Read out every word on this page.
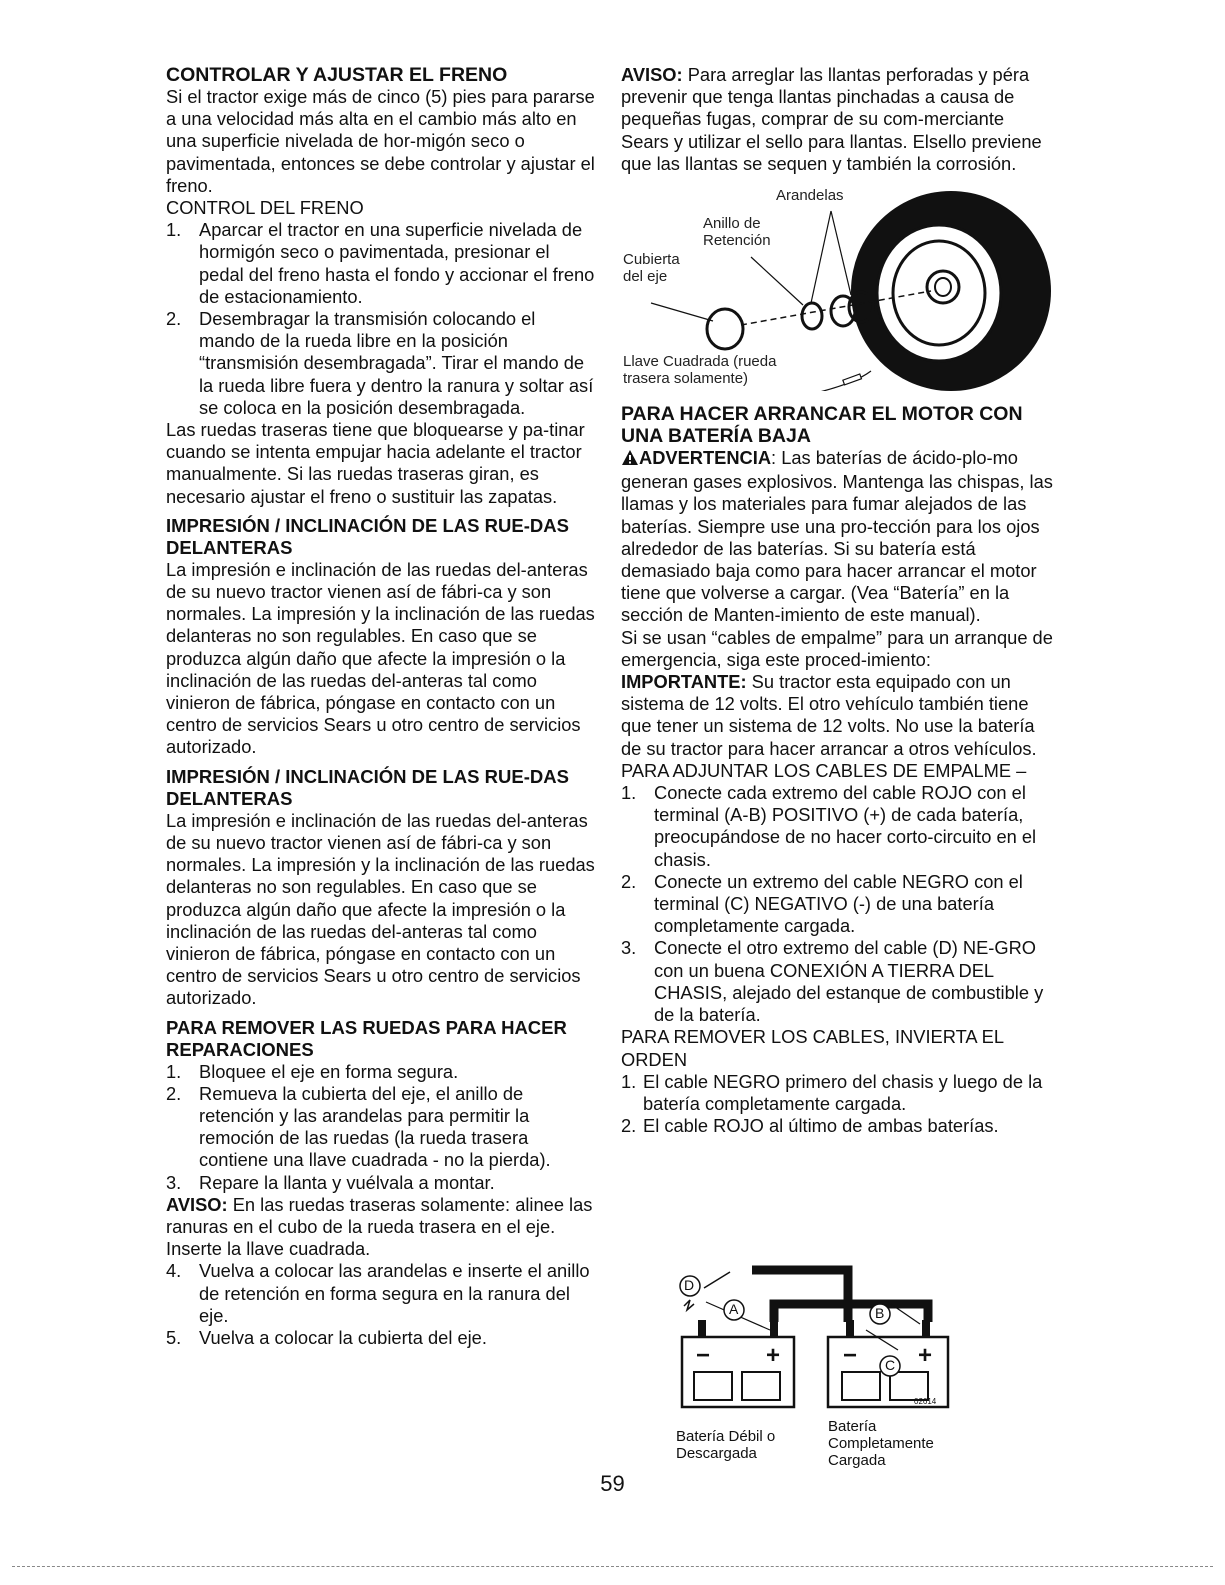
CONTROLAR Y AJUSTAR EL FRENO

Si el tractor exige más de cinco (5) pies para pararse a una velocidad más alta en el cambio más alto en una superficie nivelada de hor-migón seco o pavimentada, entonces se debe controlar y ajustar el freno.

CONTROL DEL FRENO

1. Aparcar el tractor en una superficie nivelada de hormigón seco o pavimentada, presionar el pedal del freno hasta el fondo y accionar el freno de estacionamiento.
2. Desembragar la transmisión colocando el mando de la rueda libre en la posición “transmisión desembragada”. Tirar el mando de la rueda libre fuera y dentro la ranura y soltar así se coloca en la posición desembragada.

Las ruedas traseras tiene que bloquearse y pa-tinar cuando se intenta empujar hacia adelante el tractor manualmente. Si las ruedas traseras giran, es necesario ajustar el freno o sustituir las zapatas.

IMPRESIÓN / INCLINACIÓN DE LAS RUE-DAS DELANTERAS

La impresión e inclinación de las ruedas del-anteras de su nuevo tractor vienen así de fábri-ca y son normales. La impresión y la inclinación de las ruedas delanteras no son regulables. En caso que se produzca algún daño que afecte la impresión o la inclinación de las ruedas del-anteras tal como vinieron de fábrica, póngase en contacto con un centro de servicios Sears u otro centro de servicios autorizado.

IMPRESIÓN / INCLINACIÓN DE LAS RUE-DAS DELANTERAS

La impresión e inclinación de las ruedas del-anteras de su nuevo tractor vienen así de fábri-ca y son normales. La impresión y la inclinación de las ruedas delanteras no son regulables. En caso que se produzca algún daño que afecte la impresión o la inclinación de las ruedas del-anteras tal como vinieron de fábrica, póngase en contacto con un centro de servicios Sears u otro centro de servicios autorizado.

PARA REMOVER LAS RUEDAS PARA HACER REPARACIONES

1. Bloquee el eje en forma segura.
2. Remueva la cubierta del eje, el anillo de retención y las arandelas para permitir la remoción de las ruedas (la rueda trasera contiene una llave cuadrada - no la pierda).
3. Repare la llanta y vuélvala a montar.

AVISO: En las ruedas traseras solamente: alinee las ranuras en el cubo de la rueda trasera en el eje. Inserte la llave cuadrada.

4. Vuelva a colocar las arandelas e inserte el anillo de retención en forma segura en la ranura del eje.
5. Vuelva a colocar la cubierta del eje.

AVISO: Para arreglar las llantas perforadas y péra prevenir que tenga llantas pinchadas a causa de pequeñas fugas, comprar de su com-merciante Sears y utilizar el sello para llantas. Elsello previene que las llantas se sequen y también la corrosión.

Arandelas
Anillo de
Retención
Cubierta
del eje
Llave Cuadrada (rueda
trasera solamente)

PARA HACER ARRANCAR EL MOTOR CON UNA BATERÍA BAJA

ADVERTENCIA: Las baterías de ácido-plo-mo generan gases explosivos. Mantenga las chispas, las llamas y los materiales para fumar alejados de las baterías. Siempre use una pro-tección para los ojos alrededor de las baterías. Si su batería está demasiado baja como para hacer arrancar el motor tiene que volverse a cargar. (Vea “Batería” en la sección de Manten-imiento de este manual).

Si se usan “cables de empalme” para un arranque de emergencia, siga este proced-imiento:

IMPORTANTE: Su tractor esta equipado con un sistema de 12 volts. El otro vehículo también tiene que tener un sistema de 12 volts. No use la batería de su tractor para hacer arrancar a otros vehículos.

PARA ADJUNTAR LOS CABLES DE EMPALME –

1. Conecte cada extremo del cable ROJO con el terminal (A-B) POSITIVO (+) de cada batería, preocupándose de no hacer corto-circuito en el chasis.
2. Conecte un extremo del cable NEGRO con el terminal (C) NEGATIVO (-) de una batería completamente cargada.
3. Conecte el otro extremo del cable (D) NE-GRO con un buena CONEXIÓN A TIERRA DEL CHASIS, alejado del estanque de combustible y de la batería.

PARA REMOVER LOS CABLES, INVIERTA EL ORDEN

1. El cable NEGRO primero del chasis y luego de la batería completamente cargada.
2. El cable ROJO al último de ambas baterías.
D
A	B
C
− +	−	+
02614
Batería Débil o
Descargada
Batería
Completamente
Cargada
59
